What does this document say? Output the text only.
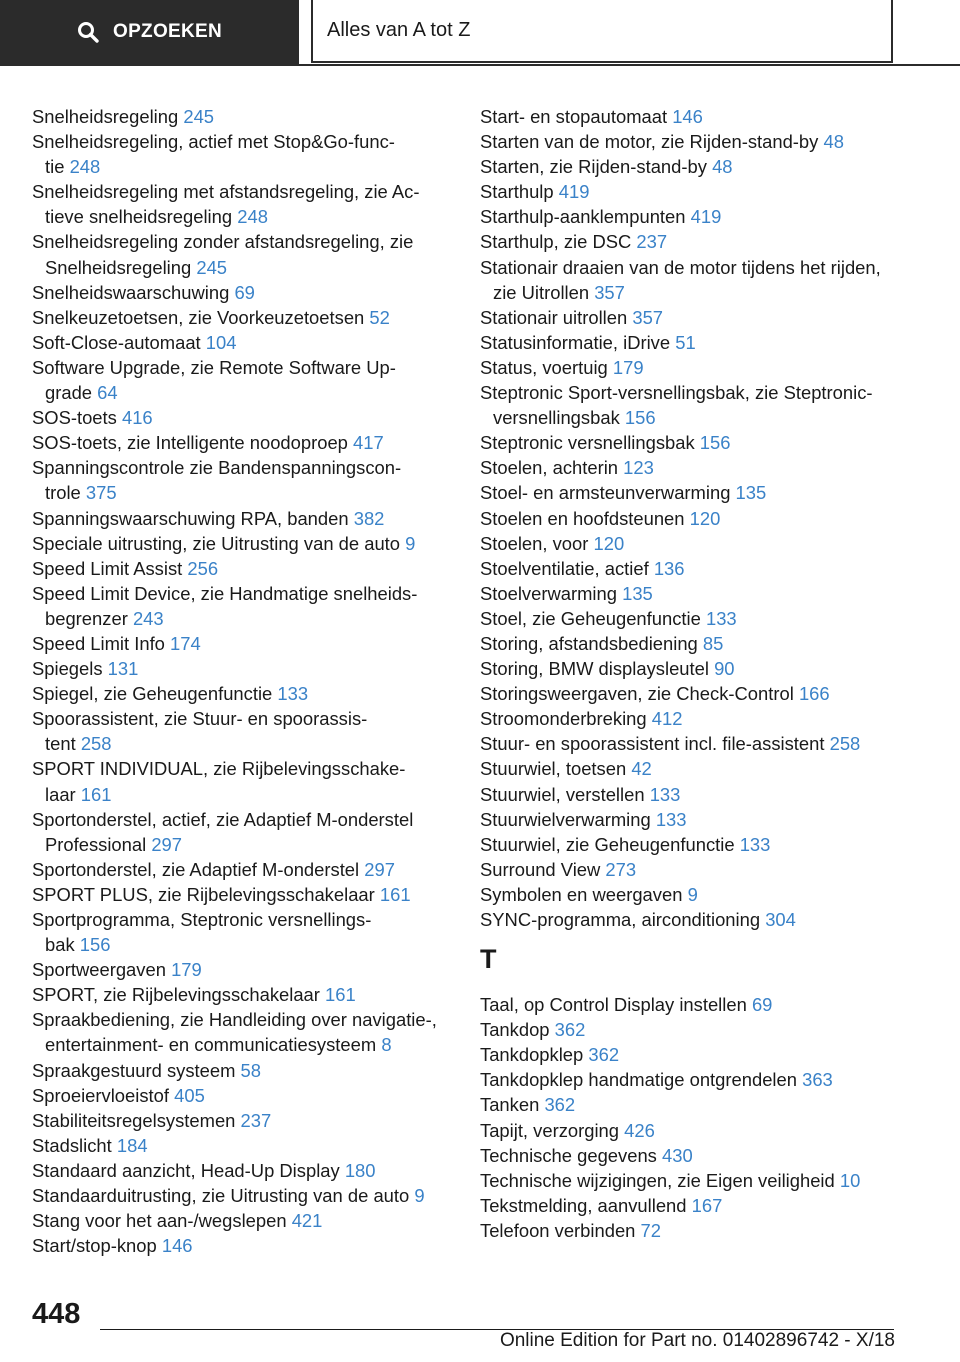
OPZOEKEN	Alles van A tot Z
Snelheidsregeling 245
Snelheidsregeling, actief met Stop&Go-func-
tie 248
Snelheidsregeling met afstandsregeling, zie Ac-
tieve snelheidsregeling 248
Snelheidsregeling zonder afstandsregeling, zie
Snelheidsregeling 245
Snelheidswaarschuwing 69
Snelkeuzetoetsen, zie Voorkeuzetoetsen 52
Soft-Close-automaat 104
Software Upgrade, zie Remote Software Up-
grade 64
SOS-toets 416
SOS-toets, zie Intelligente noodoproep 417
Spanningscontrole zie Bandenspanningscon-
trole 375
Spanningswaarschuwing RPA, banden 382
Speciale uitrusting, zie Uitrusting van de auto 9
Speed Limit Assist 256
Speed Limit Device, zie Handmatige snelheids-
begrenzer 243
Speed Limit Info 174
Spiegels 131
Spiegel, zie Geheugenfunctie 133
Spoorassistent, zie Stuur- en spoorassis-
tent 258
SPORT INDIVIDUAL, zie Rijbelevingsschake-
laar 161
Sportonderstel, actief, zie Adaptief M-onderstel
Professional 297
Sportonderstel, zie Adaptief M-onderstel 297
SPORT PLUS, zie Rijbelevingsschakelaar 161
Sportprogramma, Steptronic versnellings-
bak 156
Sportweergaven 179
SPORT, zie Rijbelevingsschakelaar 161
Spraakbediening, zie Handleiding over navigatie-,
entertainment- en communicatiesysteem 8
Spraakgestuurd systeem 58
Sproeiervloeistof 405
Stabiliteitsregelsystemen 237
Stadslicht 184
Standaard aanzicht, Head-Up Display 180
Standaarduitrusting, zie Uitrusting van de auto 9
Stang voor het aan-/wegslepen 421
Start/stop-knop 146
Start- en stopautomaat 146
Starten van de motor, zie Rijden-stand-by 48
Starten, zie Rijden-stand-by 48
Starthulp 419
Starthulp-aanklempunten 419
Starthulp, zie DSC 237
Stationair draaien van de motor tijdens het rijden,
zie Uitrollen 357
Stationair uitrollen 357
Statusinformatie, iDrive 51
Status, voertuig 179
Steptronic Sport-versnellingsbak, zie Steptronic-
versnellingsbak 156
Steptronic versnellingsbak 156
Stoelen, achterin 123
Stoel- en armsteunverwarming 135
Stoelen en hoofdsteunen 120
Stoelen, voor 120
Stoelventilatie, actief 136
Stoelverwarming 135
Stoel, zie Geheugenfunctie 133
Storing, afstandsbediening 85
Storing, BMW displaysleutel 90
Storingsweergaven, zie Check-Control 166
Stroomonderbreking 412
Stuur- en spoorassistent incl. file-assistent 258
Stuurwiel, toetsen 42
Stuurwiel, verstellen 133
Stuurwielverwarming 133
Stuurwiel, zie Geheugenfunctie 133
Surround View 273
Symbolen en weergaven 9
SYNC-programma, airconditioning 304
T
Taal, op Control Display instellen 69
Tankdop 362
Tankdopklep 362
Tankdopklep handmatige ontgrendelen 363
Tanken 362
Tapijt, verzorging 426
Technische gegevens 430
Technische wijzigingen, zie Eigen veiligheid 10
Tekstmelding, aanvullend 167
Telefoon verbinden 72
448
Online Edition for Part no. 01402896742 - X/18
